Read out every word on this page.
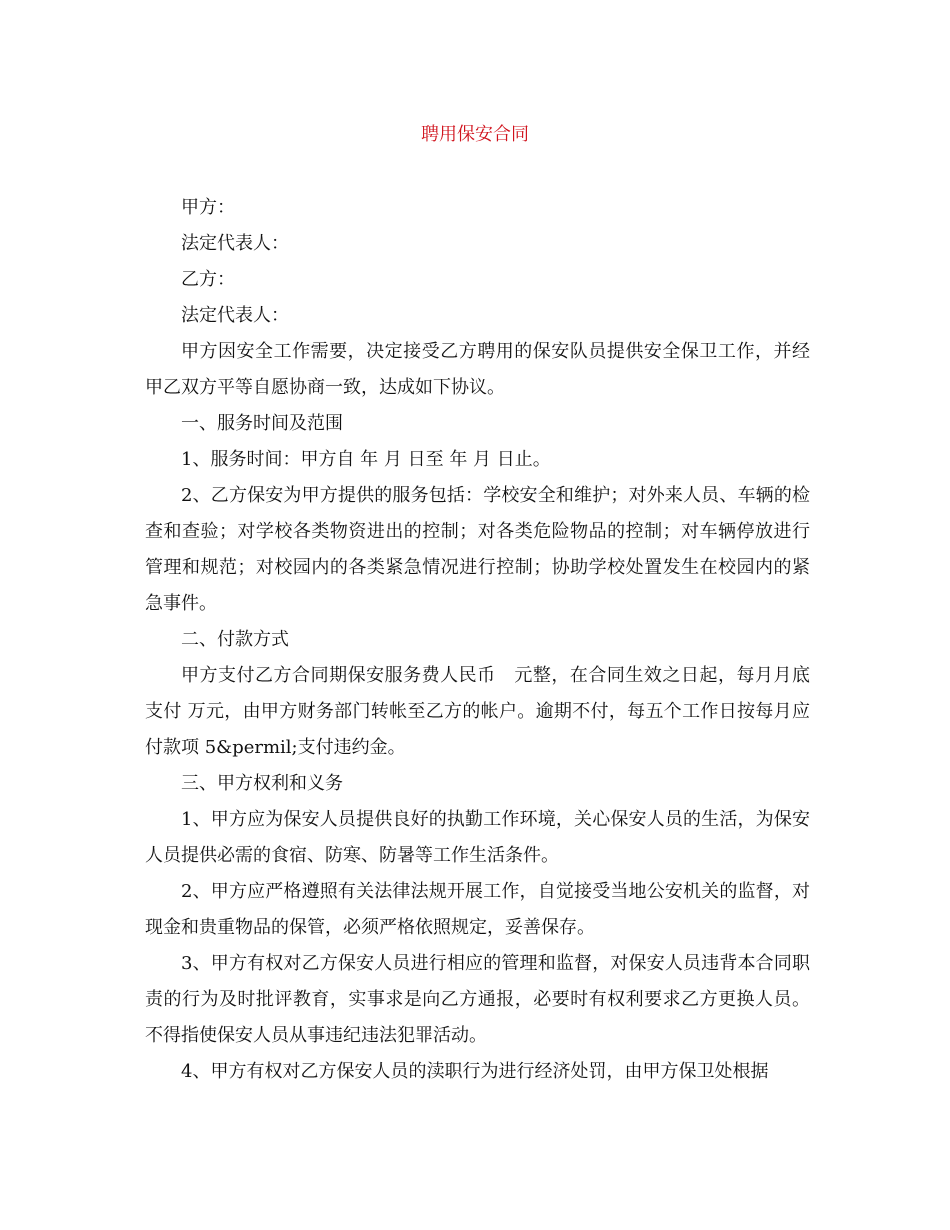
聘用保安合同

甲方：

法定代表人：

乙方：

法定代表人：

甲方因安全工作需要，决定接受乙方聘用的保安队员提供安全保卫工作，并经甲乙双方平等自愿协商一致，达成如下协议。

一、服务时间及范围

1、服务时间：甲方自 年 月 日至 年 月 日止。

2、乙方保安为甲方提供的服务包括：学校安全和维护；对外来人员、车辆的检查和查验；对学校各类物资进出的控制；对各类危险物品的控制；对车辆停放进行管理和规范；对校园内的各类紧急情况进行控制；协助学校处置发生在校园内的紧急事件。

二、付款方式

甲方支付乙方合同期保安服务费人民币   元整，在合同生效之日起，每月月底支付 万元，由甲方财务部门转帐至乙方的帐户。逾期不付，每五个工作日按每月应付款项 5&permil;支付违约金。

三、甲方权利和义务

1、甲方应为保安人员提供良好的执勤工作环境，关心保安人员的生活，为保安人员提供必需的食宿、防寒、防暑等工作生活条件。

2、甲方应严格遵照有关法律法规开展工作，自觉接受当地公安机关的监督，对现金和贵重物品的保管，必须严格依照规定，妥善保存。

3、甲方有权对乙方保安人员进行相应的管理和监督，对保安人员违背本合同职责的行为及时批评教育，实事求是向乙方通报，必要时有权利要求乙方更换人员。不得指使保安人员从事违纪违法犯罪活动。

4、甲方有权对乙方保安人员的渎职行为进行经济处罚，由甲方保卫处根据
